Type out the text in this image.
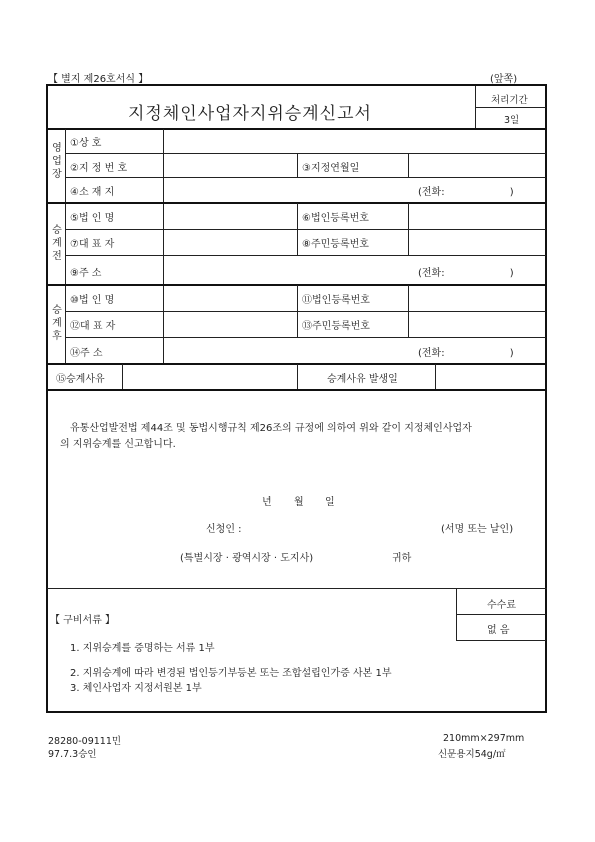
【 별지 제26호서식 】	(앞쪽)
지정체인사업자지위승계신고서
처리기간
3일
영업장
①상 호
②지 정 번 호	③지정연월일
④소 재 지	(전화: )
승계전
⑤법 인 명	⑥법인등록번호
⑦대 표 자	⑧주민등록번호
⑨주 소	(전화: )
승계후
⑩법 인 명	⑪법인등록번호
⑫대 표 자	⑬주민등록번호
⑭주 소	(전화: )
⑮승계사유	승계사유 발생일
유통산업발전법 제44조 및 동법시행규칙 제26조의 규정에 의하여 위와 같이 지정체인사업자
의 지위승계를 신고합니다.
년 월 일
신청인 :	(서명 또는 날인)
(특별시장 · 광역시장 · 도지사)	귀하
수수료
없 음
【 구비서류 】
1. 지위승계를 증명하는 서류 1부
2. 지위승계에 따라 변경된 법인등기부등본 또는 조합설립인가증 사본 1부
3. 체인사업자 지정서원본 1부
28280-09111민
97.7.3승인
210mm×297mm
신문용지54g/㎡
